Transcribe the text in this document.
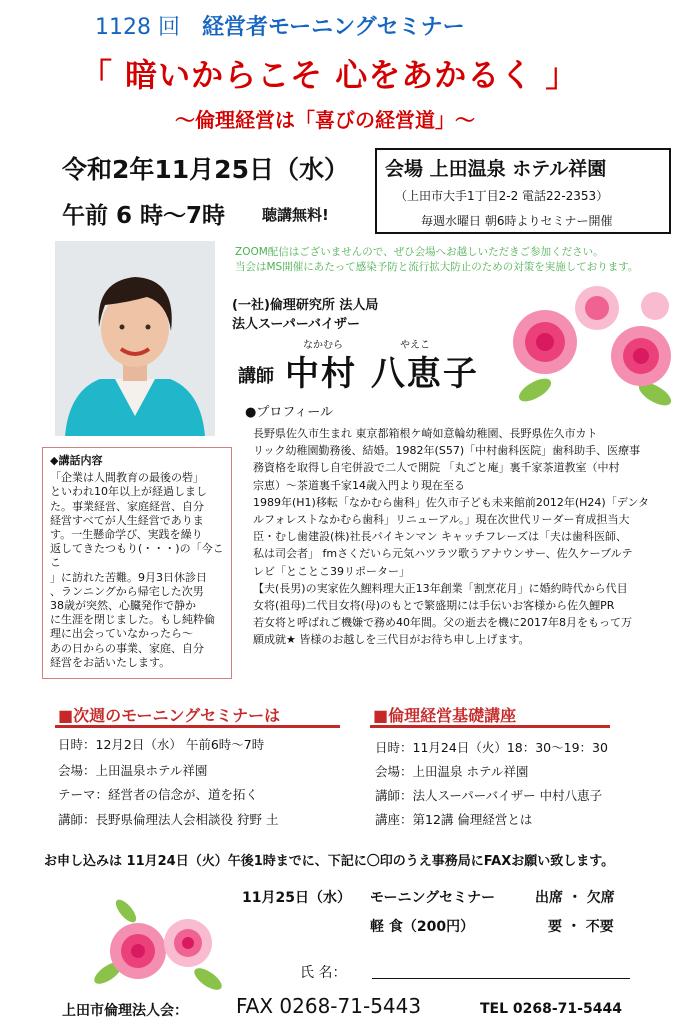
1128 回 経営者モーニングセミナー
「 暗いからこそ 心をあかるく 」
～倫理経営は「喜びの経営道」～
令和2年11月25日（水）
午前 6 時～7時 聴講無料!
会場 上田温泉 ホテル祥園
（上田市大手1丁目2-2 電話22-2353）
毎週水曜日 朝6時よりセミナー開催
ZOOM配信はございませんので、ぜひ会場へお越しいただきご参加ください。
当会はMS開催にあたって感染予防と流行拡大防止のための対策を実施しております。
(一社)倫理研究所 法人局
法人スーパーバイザー
なかむら	やえこ
講師 中村 八恵子
●プロフィール
長野県佐久市生まれ 東京都箱根ケ崎如意輪幼稚園、長野県佐久市カト
リック幼稚園勤務後、結婚。1982年(S57)「中村歯科医院」歯科助手、医療事
務資格を取得し自宅併設で二人で開院 「丸ごと庵」裏千家茶道教室（中村
宗恵）～茶道裏千家14歳入門より現在至る
1989年(H1)移転「なかむら歯科」佐久市子ども未来館前2012年(H24)「デンタ
ルフォレストなかむら歯科」リニューアル。」現在次世代リーダー育成担当大
臣・むし歯建設(株)社長バイキンマン キャッチフレーズは「夫は歯科医師、
私は司会者」 fmさくだいら元気ハツラツ歌うアナウンサー、佐久ケーブルテ
レビ「とことこ39リポーター」
【夫(長男)の実家佐久鯉料理大正13年創業「割烹花月」に婚約時代から代目
女将(祖母)二代目女将(母)のもとで繁盛期には手伝いお客様から佐久鯉PR
若女将と呼ばれご機嫌で務め40年間。父の逝去を機に2017年8月をもって万
願成就★ 皆様のお越しを三代目がお待ち申し上げます。
◆講話内容
「企業は人間教育の最後の砦」
といわれ10年以上が経過しまし
た。事業経営、家庭経営、自分
経営すべてが人生経営でありま
す。一生懸命学び、実践を繰り
返してきたつもり(・・・)の「今ここ
」に訪れた苦難。9月3日休診日
、ランニングから帰宅した次男
38歳が突然、心臓発作で静か
に生涯を閉じました。もし純粋倫
理に出会っていなかったら～
あの日からの事業、家庭、自分
経営をお話いたします。
■次週のモーニングセミナーは	■倫理経営基礎講座
日時：12月2日（水） 午前6時～7時
会場：上田温泉ホテル祥園
テーマ：経営者の信念が、道を拓く
講師：長野県倫理法人会相談役 狩野 土
日時：11月24日（火）18：30～19：30
会場：上田温泉 ホテル祥園
講師：法人スーパーバイザー 中村八恵子
講座：第12講 倫理経営とは
お申し込みは 11月24日（火）午後1時までに、下記に〇印のうえ事務局にFAXお願い致します。
11月25日（水） モーニングセミナー	出席 ・ 欠席
軽 食（200円）	要 ・ 不要
氏 名：
上田市倫理法人会： FAX 0268-71-5443	TEL 0268-71-5444
